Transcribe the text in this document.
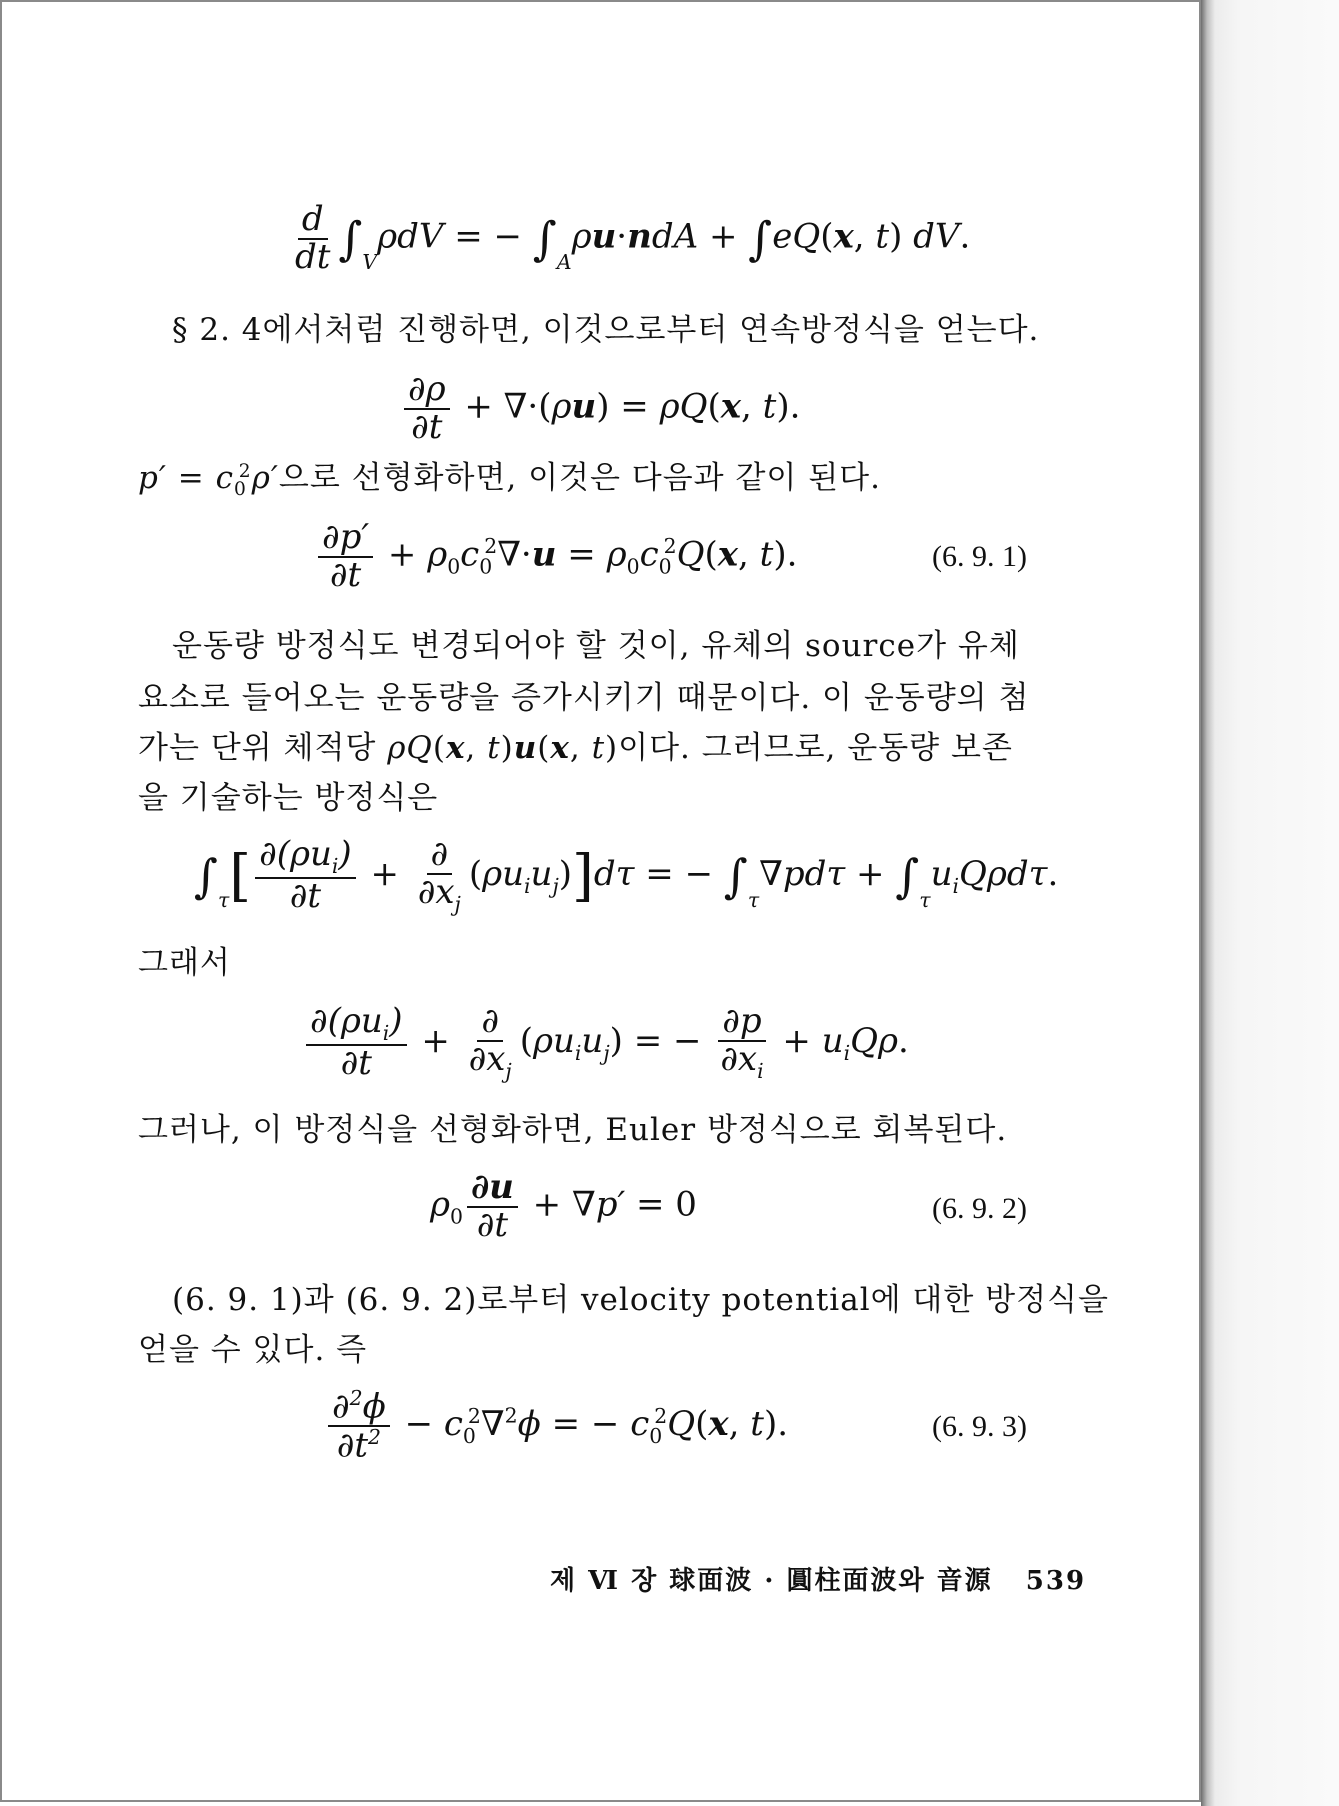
$\frac{d}{dt} \int_V\rho dV$ = − $\int_A\rho u\cdot ndA + \int eQ(x$, t) dV.
§ 2. 4에서처럼 진행하면, 이것으로부터 연속방정식을 얻는다.
$\frac{\partial\rho}{\partial t} + \nabla\cdot(\rho u) = \rho Q(x$, t).
$p' = c_0^2\rho'$으로 선형화하면, 이것은 다음과 같이 된다.
$\frac{\partial p'}{\partial t} + \rho_0c_0^2\nabla\cdot u = \rho_0c_0^2Q(x$, t).	(6. 9. 1)
운동량 방정식도 변경되어야 할 것이, 유체의 source가 유체
요소로 들어오는 운동량을 증가시키기 때문이다. 이 운동량의 첨
가는 단위 체적당 ρQ(x, t)u(x, t)이다. 그러므로, 운동량 보존
을 기술하는 방정식은
$\int_\tau[ \frac{\partial(\rho u_i)}{\partial t} + \frac{\partial}{\partial x_j} (\rho u_iu_j)]d\tau$ = − $\int_\tau\nabla pd\tau + \int_\tau u_iQ\rho d\tau$.
그래서
$\frac{\partial(\rho u_i)}{\partial t} + \frac{\partial}{\partial x_j} (\rho u_iu_j)$ = − $\frac{\partial p}{\partial x_i} + u_iQ\rho$.
그러나, 이 방정식을 선형화하면, Euler 방정식으로 회복된다.
$\rho_0 \frac{\partial u}{\partial t} + \nabla p' = 0$	(6. 9. 2)
(6. 9. 1)과 (6. 9. 2)로부터 velocity potential에 대한 방정식을
얻을 수 있다. 즉
$\frac{\partial^2\phi}{\partial t^2} - c_0^2\nabla^2\phi$ = − $c_0^2Q(x$, t).	(6. 9. 3)
제 Ⅵ 장 球面波 · 圓柱面波와 音源 539
